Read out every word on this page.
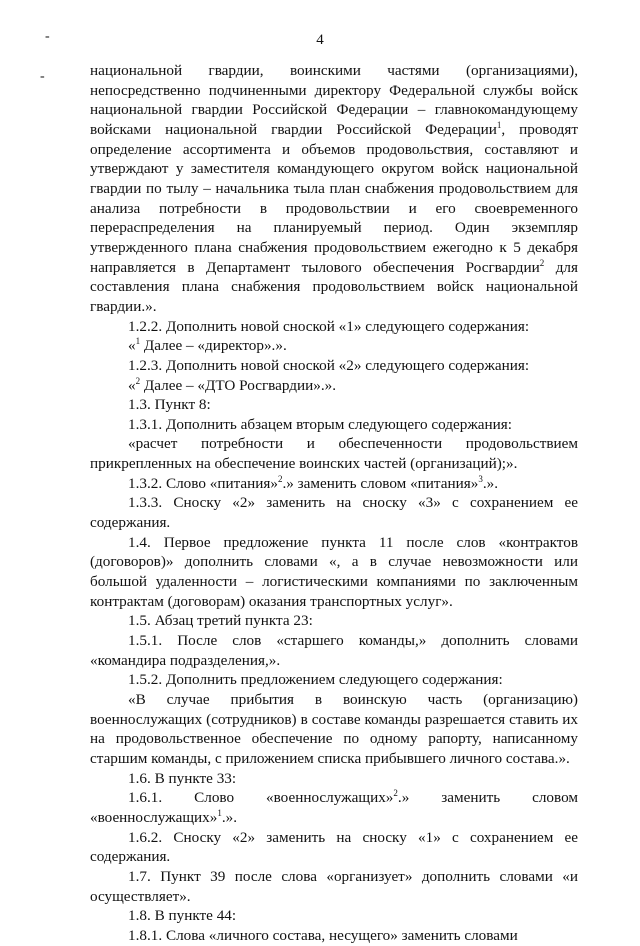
4
-
-	национальной гвардии, воинскими частями (организациями), непосредственно подчиненными директору Федеральной службы войск национальной гвардии Российской Федерации – главнокомандующему войсками национальной гвардии Российской Федерации$^1$, проводят определение ассортимента и объемов продовольствия, составляют и утверждают у заместителя командующего округом войск национальной гвардии по тылу – начальника тыла план снабжения продовольствием для анализа потребности в продовольствии и его своевременного перераспределения на планируемый период. Один экземпляр утвержденного плана снабжения продовольствием ежегодно к 5 декабря направляется в Департамент тылового обеспечения Росгвардии$^2$ для составления плана снабжения продовольствием войск национальной гвардии.».

1.2.2. Дополнить новой сноской «1» следующего содержания:

«$^1$ Далее – «директор».».

1.2.3. Дополнить новой сноской «2» следующего содержания:

«$^2$ Далее – «ДТО Росгвардии».».

1.3. Пункт 8:

1.3.1. Дополнить абзацем вторым следующего содержания:

«расчет потребности и обеспеченности продовольствием прикрепленных на обеспечение воинских частей (организаций);».

1.3.2. Слово «питания»$^2$.» заменить словом «питания»$^3$.».

1.3.3. Сноску «2» заменить на сноску «3» с сохранением ее содержания.

1.4. Первое предложение пункта 11 после слов «контрактов (договоров)» дополнить словами «, а в случае невозможности или большой удаленности – логистическими компаниями по заключенным контрактам (договорам) оказания транспортных услуг».

1.5. Абзац третий пункта 23:

1.5.1. После слов «старшего команды,» дополнить словами «командира подразделения,».

1.5.2. Дополнить предложением следующего содержания:

«В случае прибытия в воинскую часть (организацию) военнослужащих (сотрудников) в составе команды разрешается ставить их на продовольственное обеспечение по одному рапорту, написанному старшим команды, с приложением списка прибывшего личного состава.».

1.6. В пункте 33:

1.6.1. Слово «военнослужащих»$^2$.» заменить словом «военнослужащих»$^1$.».

1.6.2. Сноску «2» заменить на сноску «1» с сохранением ее содержания.

1.7. Пункт 39 после слова «организует» дополнить словами «и осуществляет».

1.8. В пункте 44:

1.8.1. Слова «личного состава, несущего» заменить словами
